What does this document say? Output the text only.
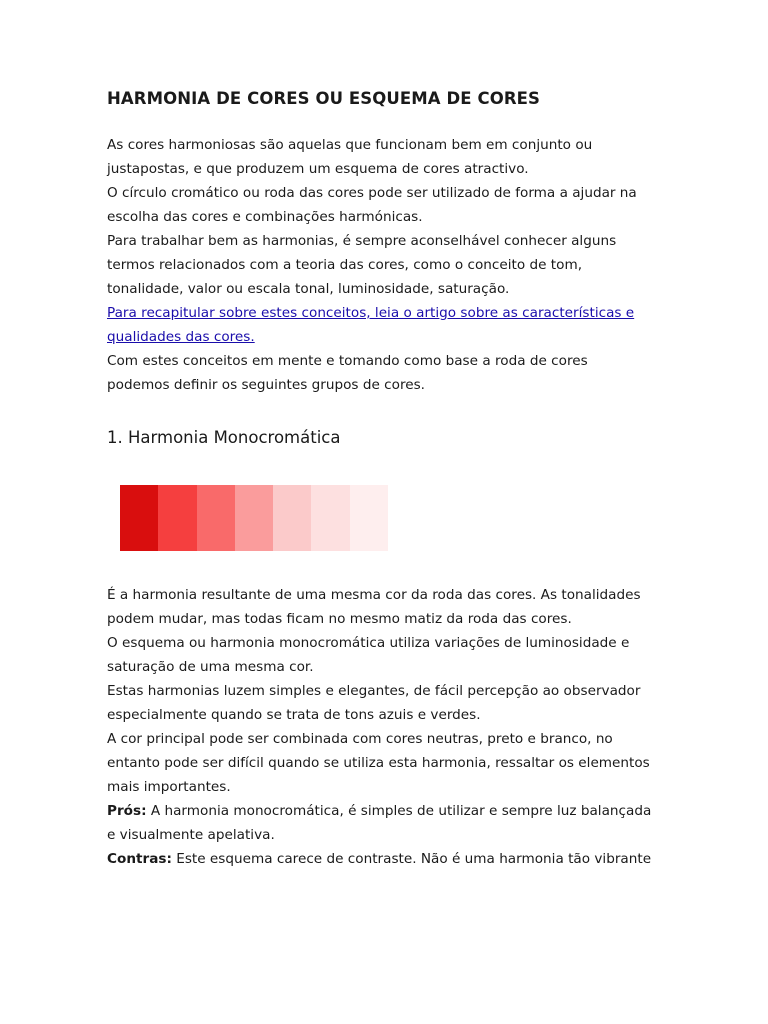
HARMONIA DE CORES OU ESQUEMA DE CORES
As cores harmoniosas são aquelas que funcionam bem em conjunto ou
justapostas, e que produzem um esquema de cores atractivo.
O círculo cromático ou roda das cores pode ser utilizado de forma a ajudar na
escolha das cores e combinações harmónicas.
Para trabalhar bem as harmonias, é sempre aconselhável conhecer alguns
termos relacionados com a teoria das cores, como o conceito de tom,
tonalidade, valor ou escala tonal, luminosidade, saturação.
Para recapitular sobre estes conceitos, leia o artigo sobre as características e
qualidades das cores.
Com estes conceitos em mente e tomando como base a roda de cores
podemos definir os seguintes grupos de cores.
1. Harmonia Monocromática
É a harmonia resultante de uma mesma cor da roda das cores. As tonalidades
podem mudar, mas todas ficam no mesmo matiz da roda das cores.
O esquema ou harmonia monocromática utiliza variações de luminosidade e
saturação de uma mesma cor.
Estas harmonias luzem simples e elegantes, de fácil percepção ao observador
especialmente quando se trata de tons azuis e verdes.
A cor principal pode ser combinada com cores neutras, preto e branco, no
entanto pode ser difícil quando se utiliza esta harmonia, ressaltar os elementos
mais importantes.
Prós: A harmonia monocromática, é simples de utilizar e sempre luz balançada
e visualmente apelativa.
Contras: Este esquema carece de contraste. Não é uma harmonia tão vibrante
